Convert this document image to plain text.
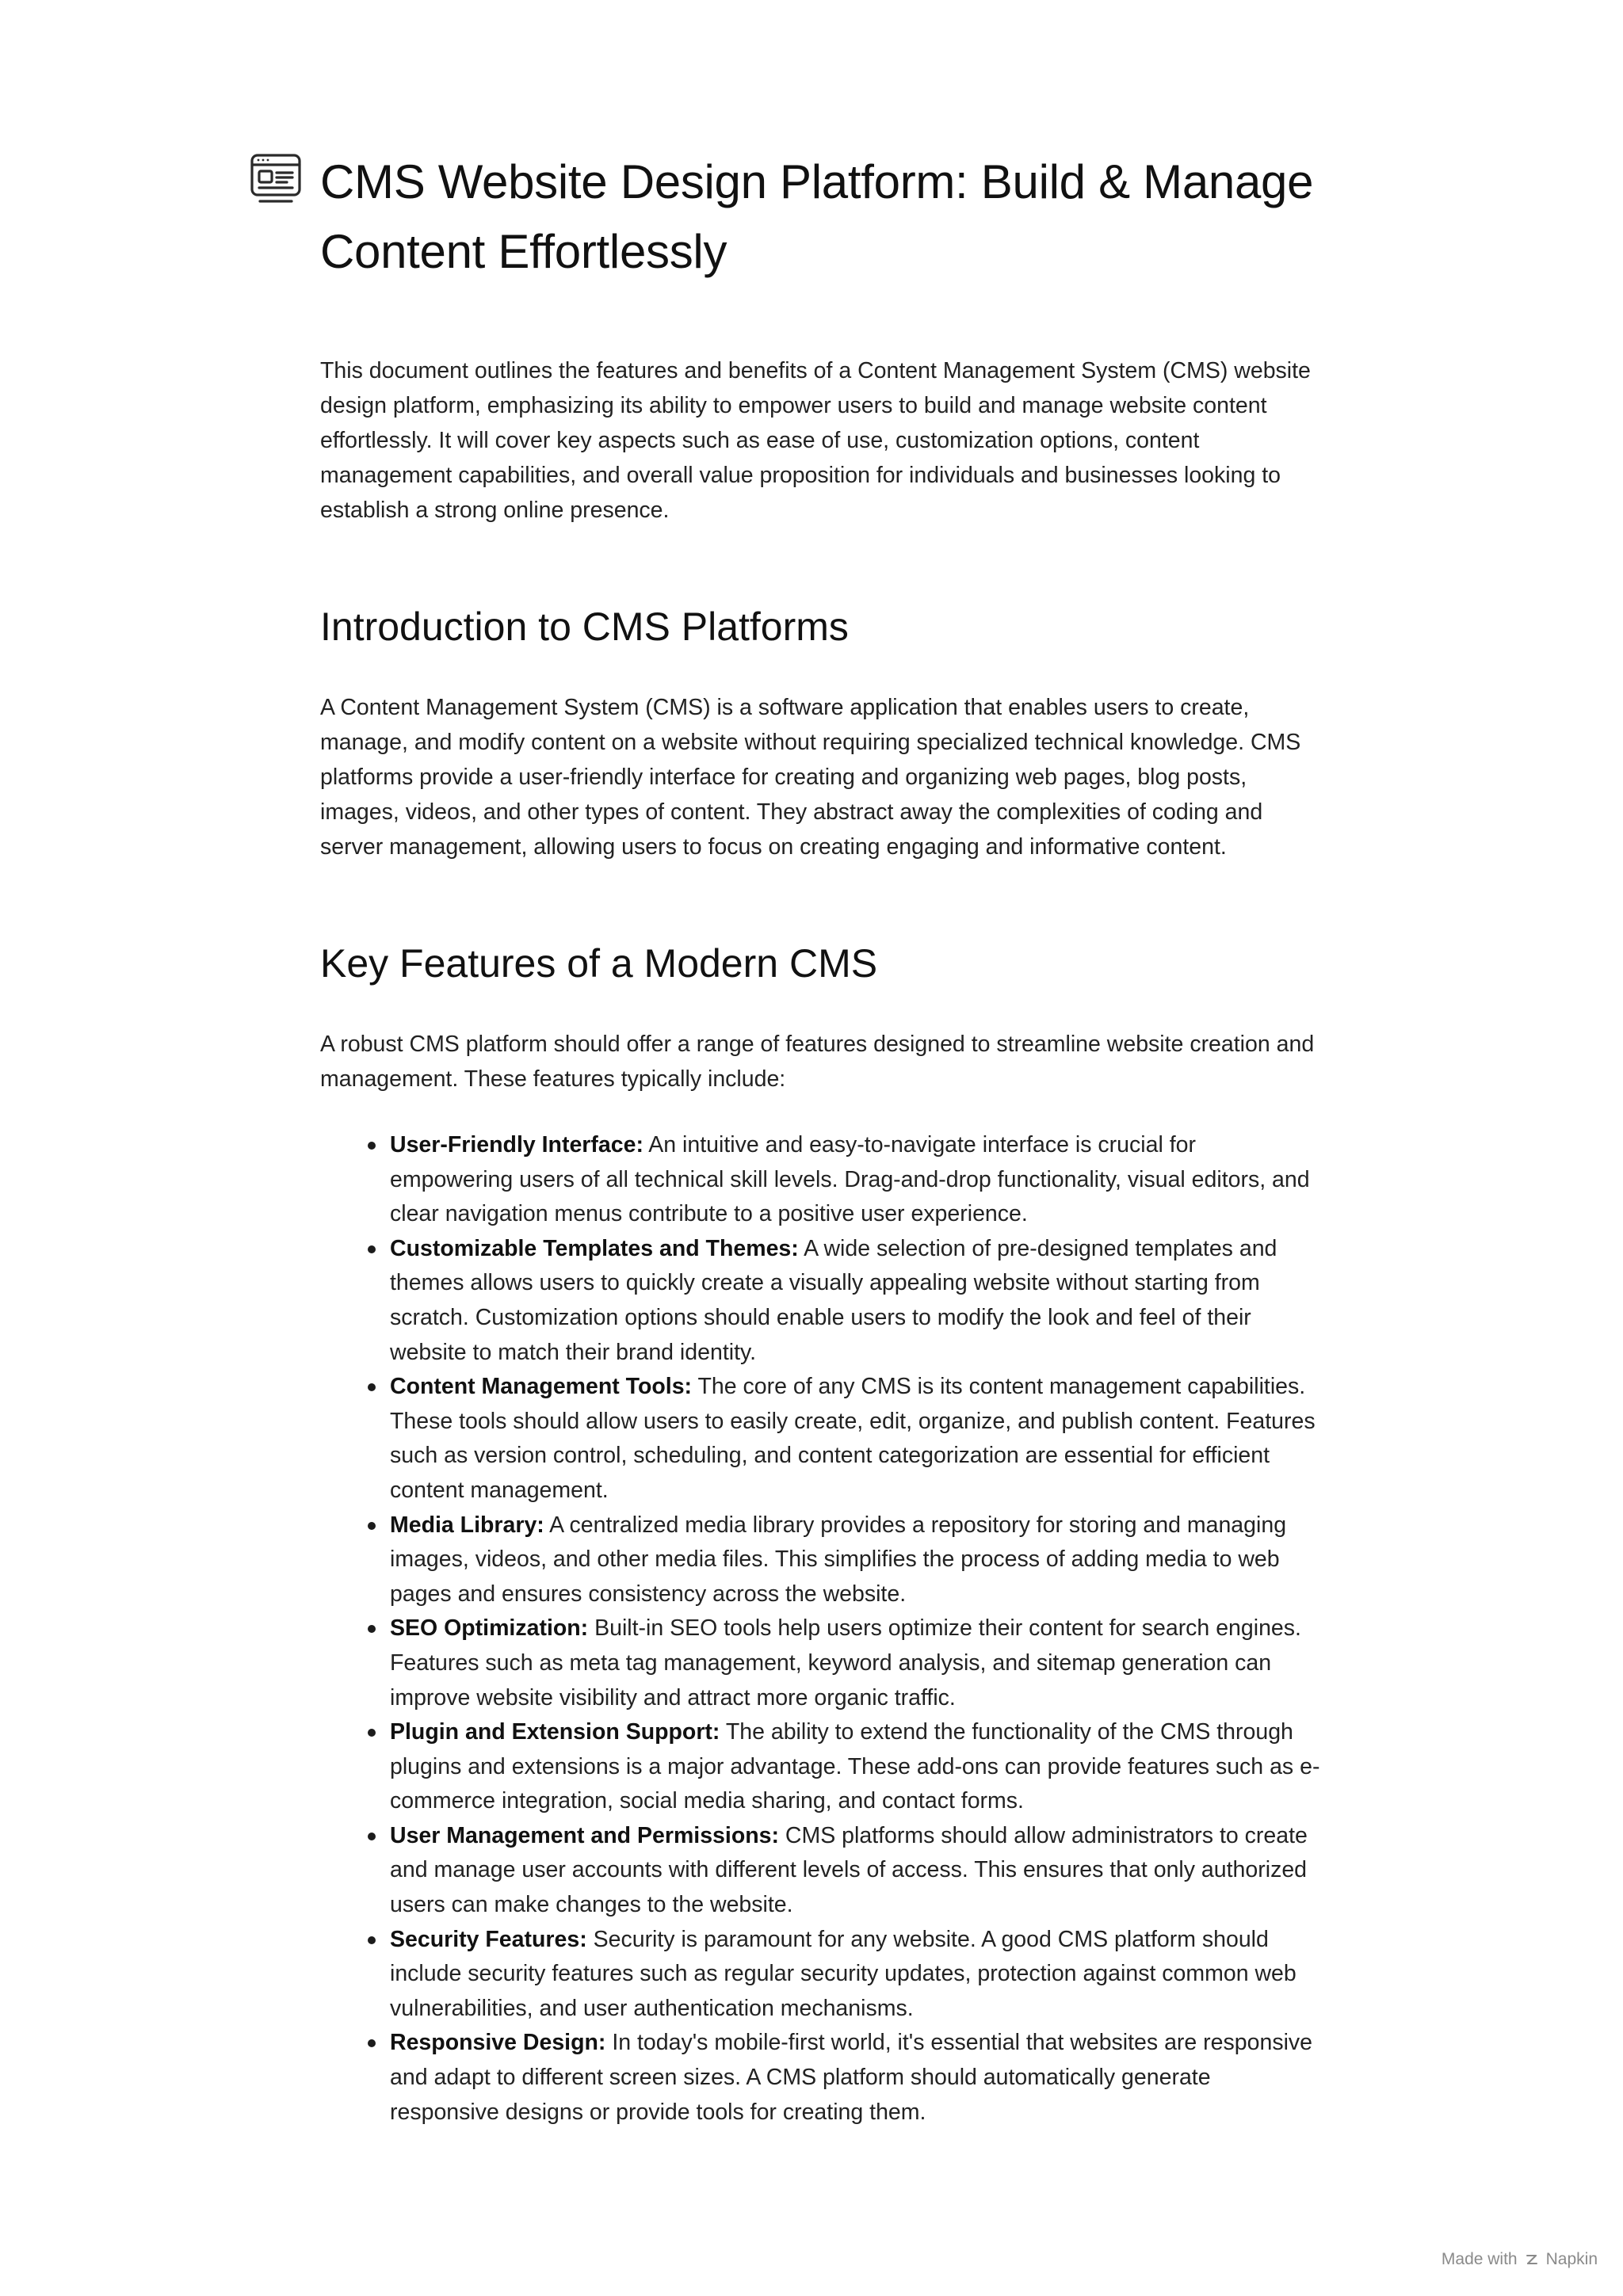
CMS Website Design Platform: Build & Manage Content Effortlessly

This document outlines the features and benefits of a Content Management System (CMS) website design platform, emphasizing its ability to empower users to build and manage website content effortlessly. It will cover key aspects such as ease of use, customization options, content management capabilities, and overall value proposition for individuals and businesses looking to establish a strong online presence.

Introduction to CMS Platforms

A Content Management System (CMS) is a software application that enables users to create, manage, and modify content on a website without requiring specialized technical knowledge. CMS platforms provide a user-friendly interface for creating and organizing web pages, blog posts, images, videos, and other types of content. They abstract away the complexities of coding and server management, allowing users to focus on creating engaging and informative content.

Key Features of a Modern CMS

A robust CMS platform should offer a range of features designed to streamline website creation and management. These features typically include:

User-Friendly Interface: An intuitive and easy-to-navigate interface is crucial for empowering users of all technical skill levels. Drag-and-drop functionality, visual editors, and clear navigation menus contribute to a positive user experience.
Customizable Templates and Themes: A wide selection of pre-designed templates and themes allows users to quickly create a visually appealing website without starting from scratch. Customization options should enable users to modify the look and feel of their website to match their brand identity.
Content Management Tools: The core of any CMS is its content management capabilities. These tools should allow users to easily create, edit, organize, and publish content. Features such as version control, scheduling, and content categorization are essential for efficient content management.
Media Library: A centralized media library provides a repository for storing and managing images, videos, and other media files. This simplifies the process of adding media to web pages and ensures consistency across the website.
SEO Optimization: Built-in SEO tools help users optimize their content for search engines. Features such as meta tag management, keyword analysis, and sitemap generation can improve website visibility and attract more organic traffic.
Plugin and Extension Support: The ability to extend the functionality of the CMS through plugins and extensions is a major advantage. These add-ons can provide features such as e-commerce integration, social media sharing, and contact forms.
User Management and Permissions: CMS platforms should allow administrators to create and manage user accounts with different levels of access. This ensures that only authorized users can make changes to the website.
Security Features: Security is paramount for any website. A good CMS platform should include security features such as regular security updates, protection against common web vulnerabilities, and user authentication mechanisms.
Responsive Design: In today's mobile-first world, it's essential that websites are responsive and adapt to different screen sizes. A CMS platform should automatically generate responsive designs or provide tools for creating them.
Made with Napkin
